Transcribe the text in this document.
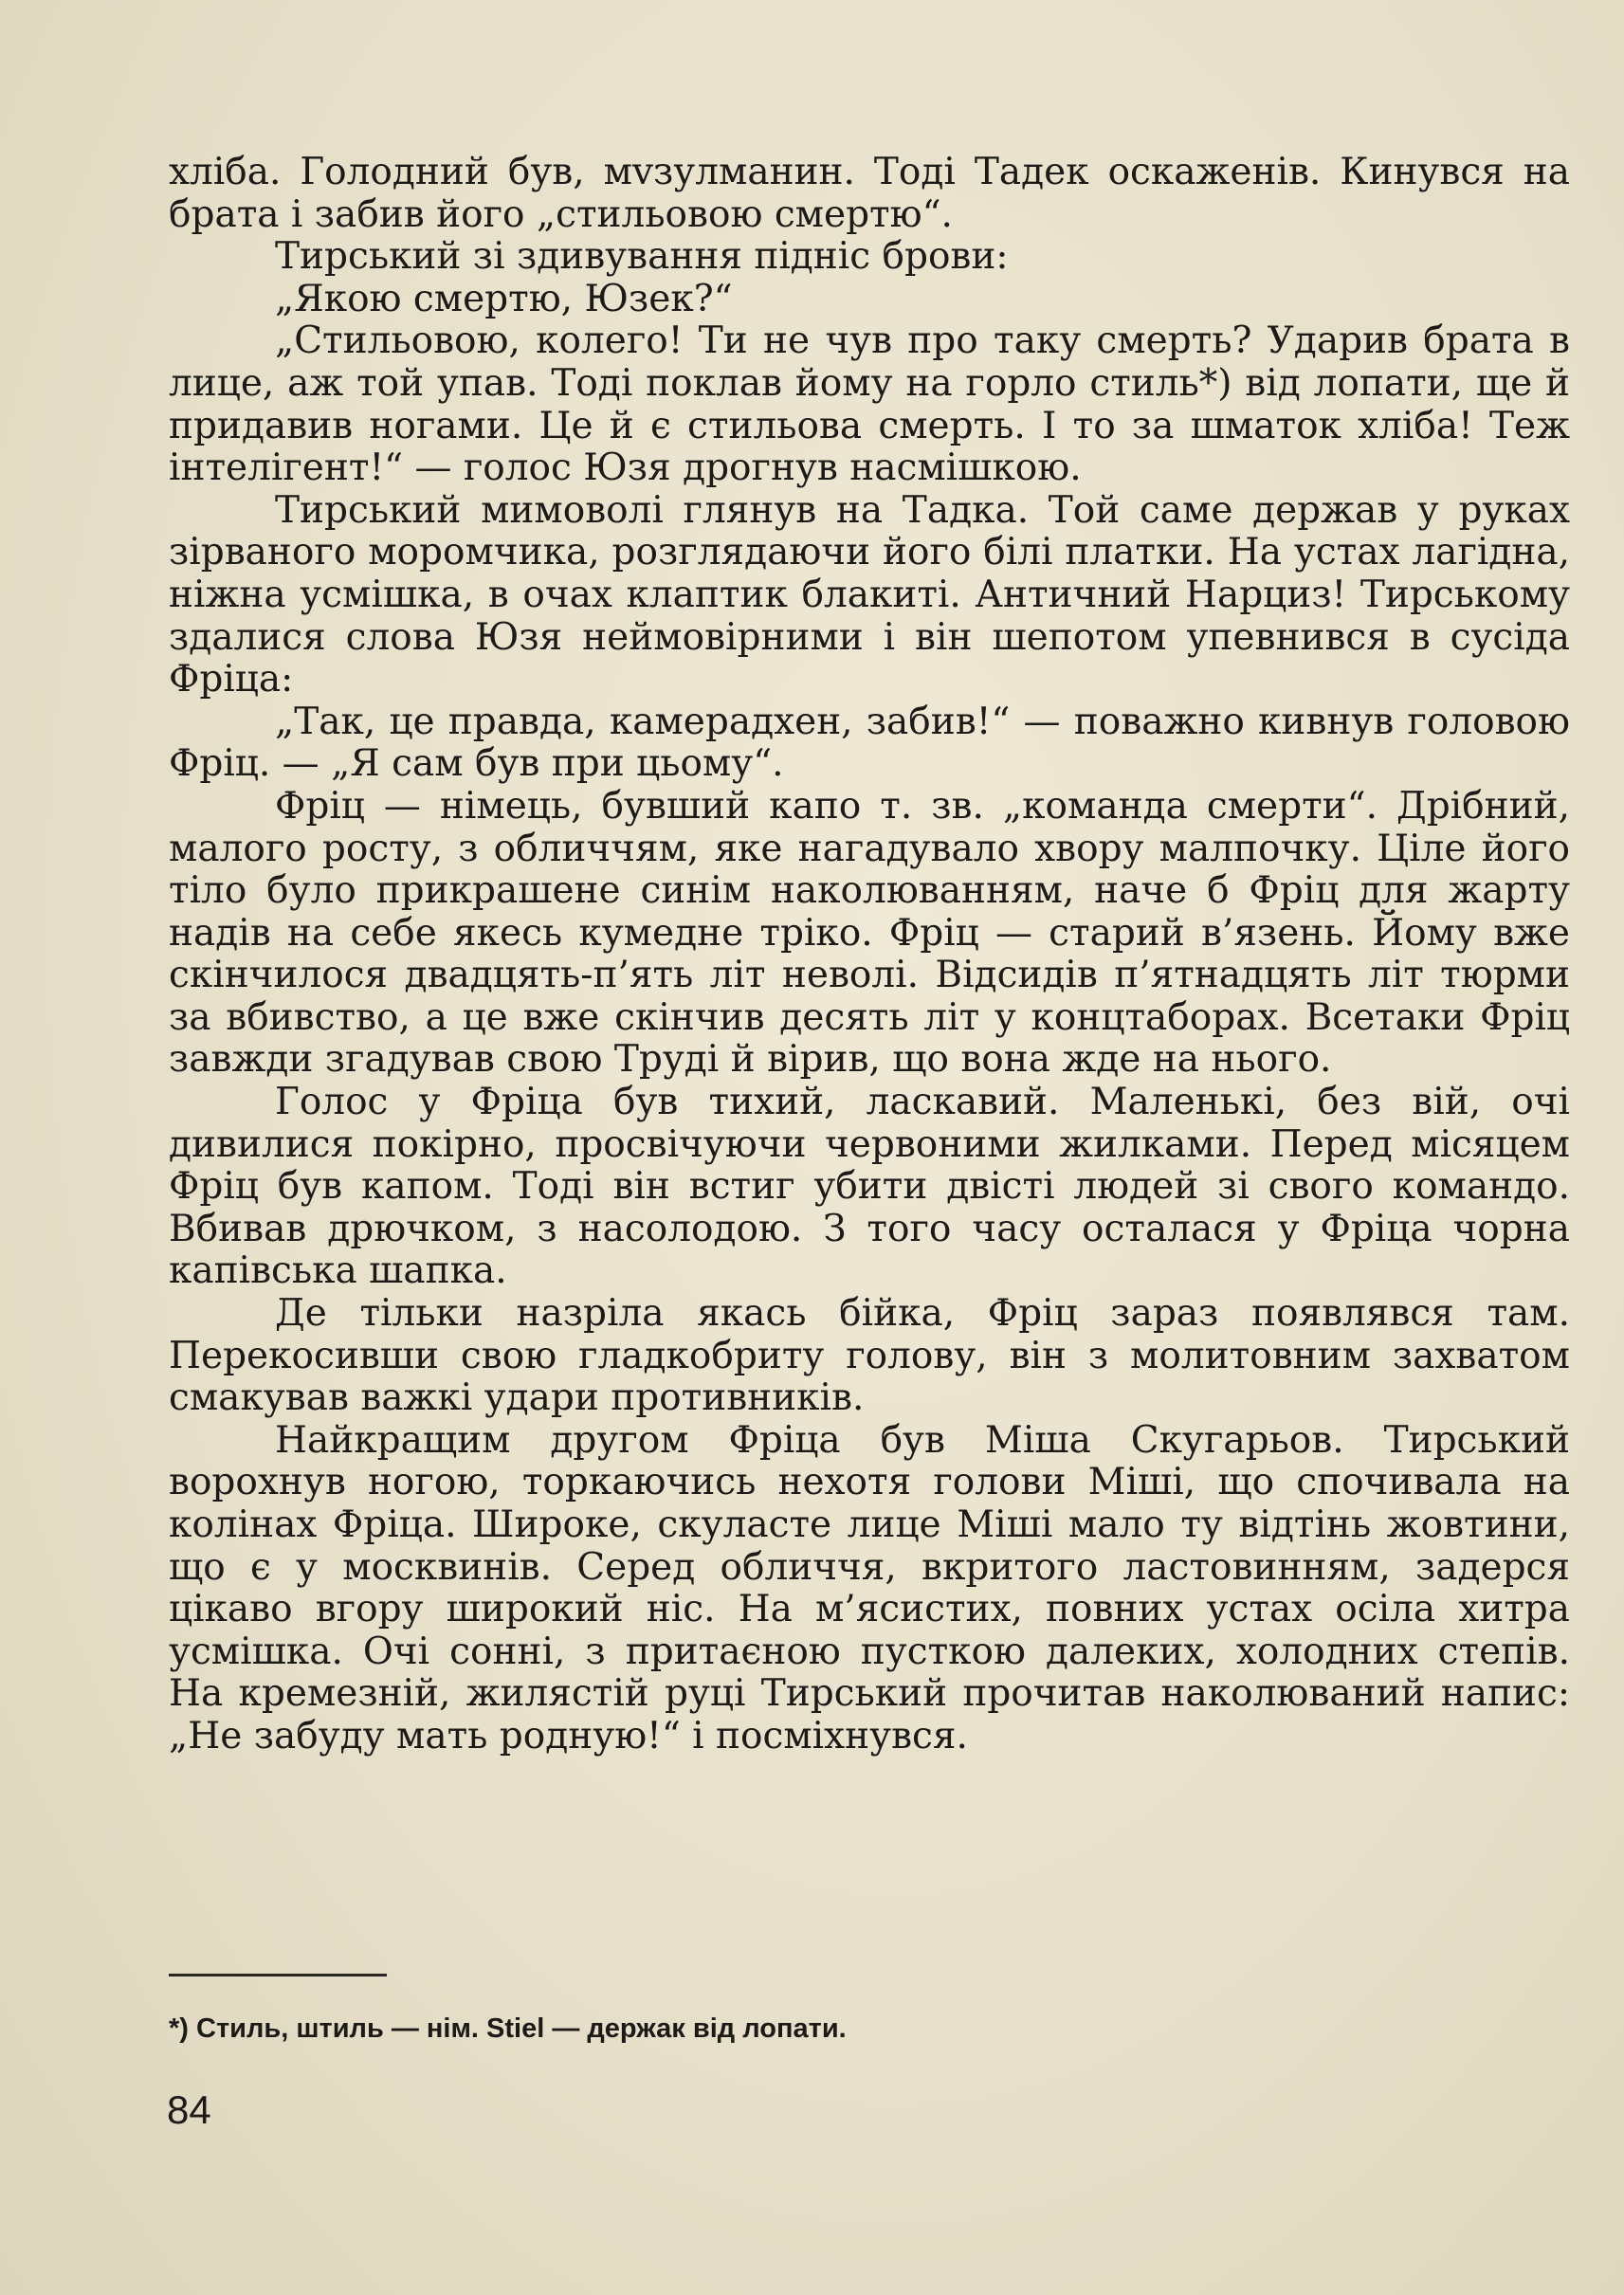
хліба. Голодний був, мvзулманин. Тоді Тадек оскаженів. Кинувся на брата і забив його „стильовою смертю“.

Тирський зі здивування підніс брови:

„Якою смертю, Юзек?“

„Стильовою, колего! Ти не чув про таку смерть? Ударив брата в лице, аж той упав. Тоді поклав йому на горло стиль*) від лопати, ще й придавив ногами. Це й є стильова смерть. І то за шматок хліба! Теж інтелігент!“ — голос Юзя дрогнув насмішкою.

Тирський мимоволі глянув на Тадка. Той саме держав у руках зірваного моромчика, розглядаючи його білі платки. На устах лагідна, ніжна усмішка, в очах клаптик блакиті. Античний Нарциз! Тирському здалися слова Юзя неймовірними і він шепотом упевнився в сусіда Фріца:

„Так, це правда, камерадхен, забив!“ — поважно кивнув головою Фріц. — „Я сам був при цьому“.

Фріц — німець, бувший капо т. зв. „команда смерти“. Дрібний, малого росту, з обличчям, яке нагадувало хвору малпочку. Ціле його тіло було прикрашене синім наколюванням, наче б Фріц для жарту надів на себе якесь кумедне тріко. Фріц — старий в’язень. Йому вже скінчилося двадцять-п’ять літ неволі. Відсидів п’ятнадцять літ тюрми за вбивство, а це вже скінчив десять літ у концтаборах. Всетаки Фріц завжди згадував свою Труді й вірив, що вона жде на нього.

Голос у Фріца був тихий, ласкавий. Маленькі, без вій, очі дивилися покірно, просвічуючи червоними жилками. Перед місяцем Фріц був капом. Тоді він встиг убити двісті людей зі свого командо. Вбивав дрючком, з насолодою. З того часу осталася у Фріца чорна капівська шапка.

Де тільки назріла якась бійка, Фріц зараз появлявся там. Перекосивши свою гладкобриту голову, він з молитовним захватом смакував важкі удари противників.

Найкращим другом Фріца був Міша Скугарьов. Тирський ворохнув ногою, торкаючись нехотя голови Міші, що спочивала на колінах Фріца. Широке, скуласте лице Міші мало ту відтінь жовтини, що є у москвинів. Серед обличчя, вкритого ластовинням, задерся цікаво вгору широкий ніс. На м’ясистих, повних устах осіла хитра усмішка. Очі сонні, з притаєною пусткою далеких, холодних степів. На кремезній, жилястій руці Тирський прочитав наколюваний напис: „Не забуду мать родную!“ і посміхнувся.

*) Стиль, штиль — нім. Stiel — держак від лопати.
84
